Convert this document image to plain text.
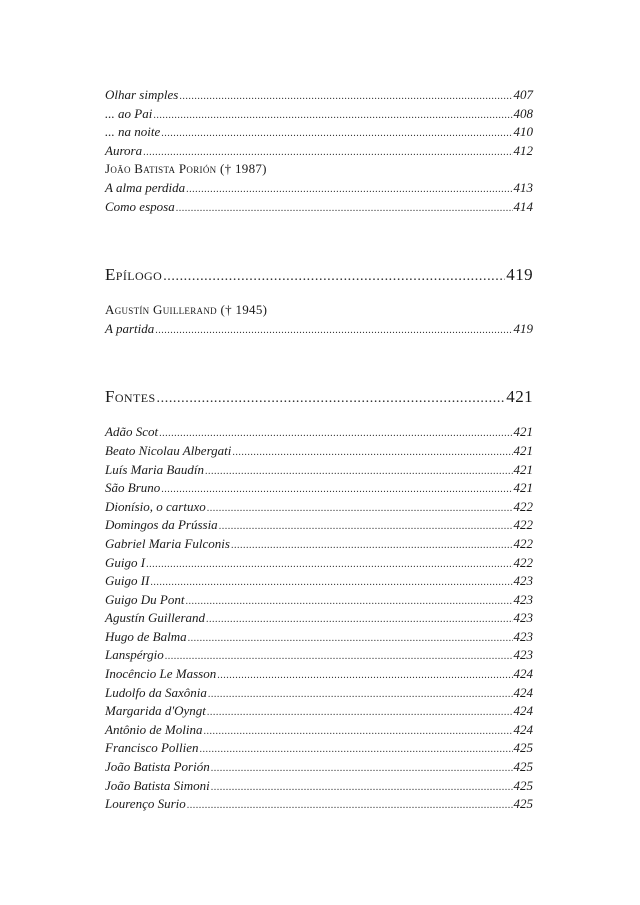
Olhar simples .....	407
... ao Pai .....	408
... na noite .....	410
Aurora .....	412
João Batista Porión († 1987)
A alma perdida .....	413
Como esposa .....	414
Epílogo .....	419
Agustín Guillerand († 1945)
A partida .....	419
Fontes .....	421
Adão Scot .....	421
Beato Nicolau Albergati .....	421
Luís Maria Baudín .....	421
São Bruno .....	421
Dionísio, o cartuxo .....	422
Domingos da Prússia .....	422
Gabriel Maria Fulconis .....	422
Guigo I .....	422
Guigo II .....	423
Guigo Du Pont .....	423
Agustín Guillerand .....	423
Hugo de Balma .....	423
Lanspérgio .....	423
Inocêncio Le Masson .....	424
Ludolfo da Saxônia .....	424
Margarida d'Oyngt .....	424
Antônio de Molina .....	424
Francisco Pollien .....	425
João Batista Porión .....	425
João Batista Simoni .....	425
Lourenço Surio .....	425
